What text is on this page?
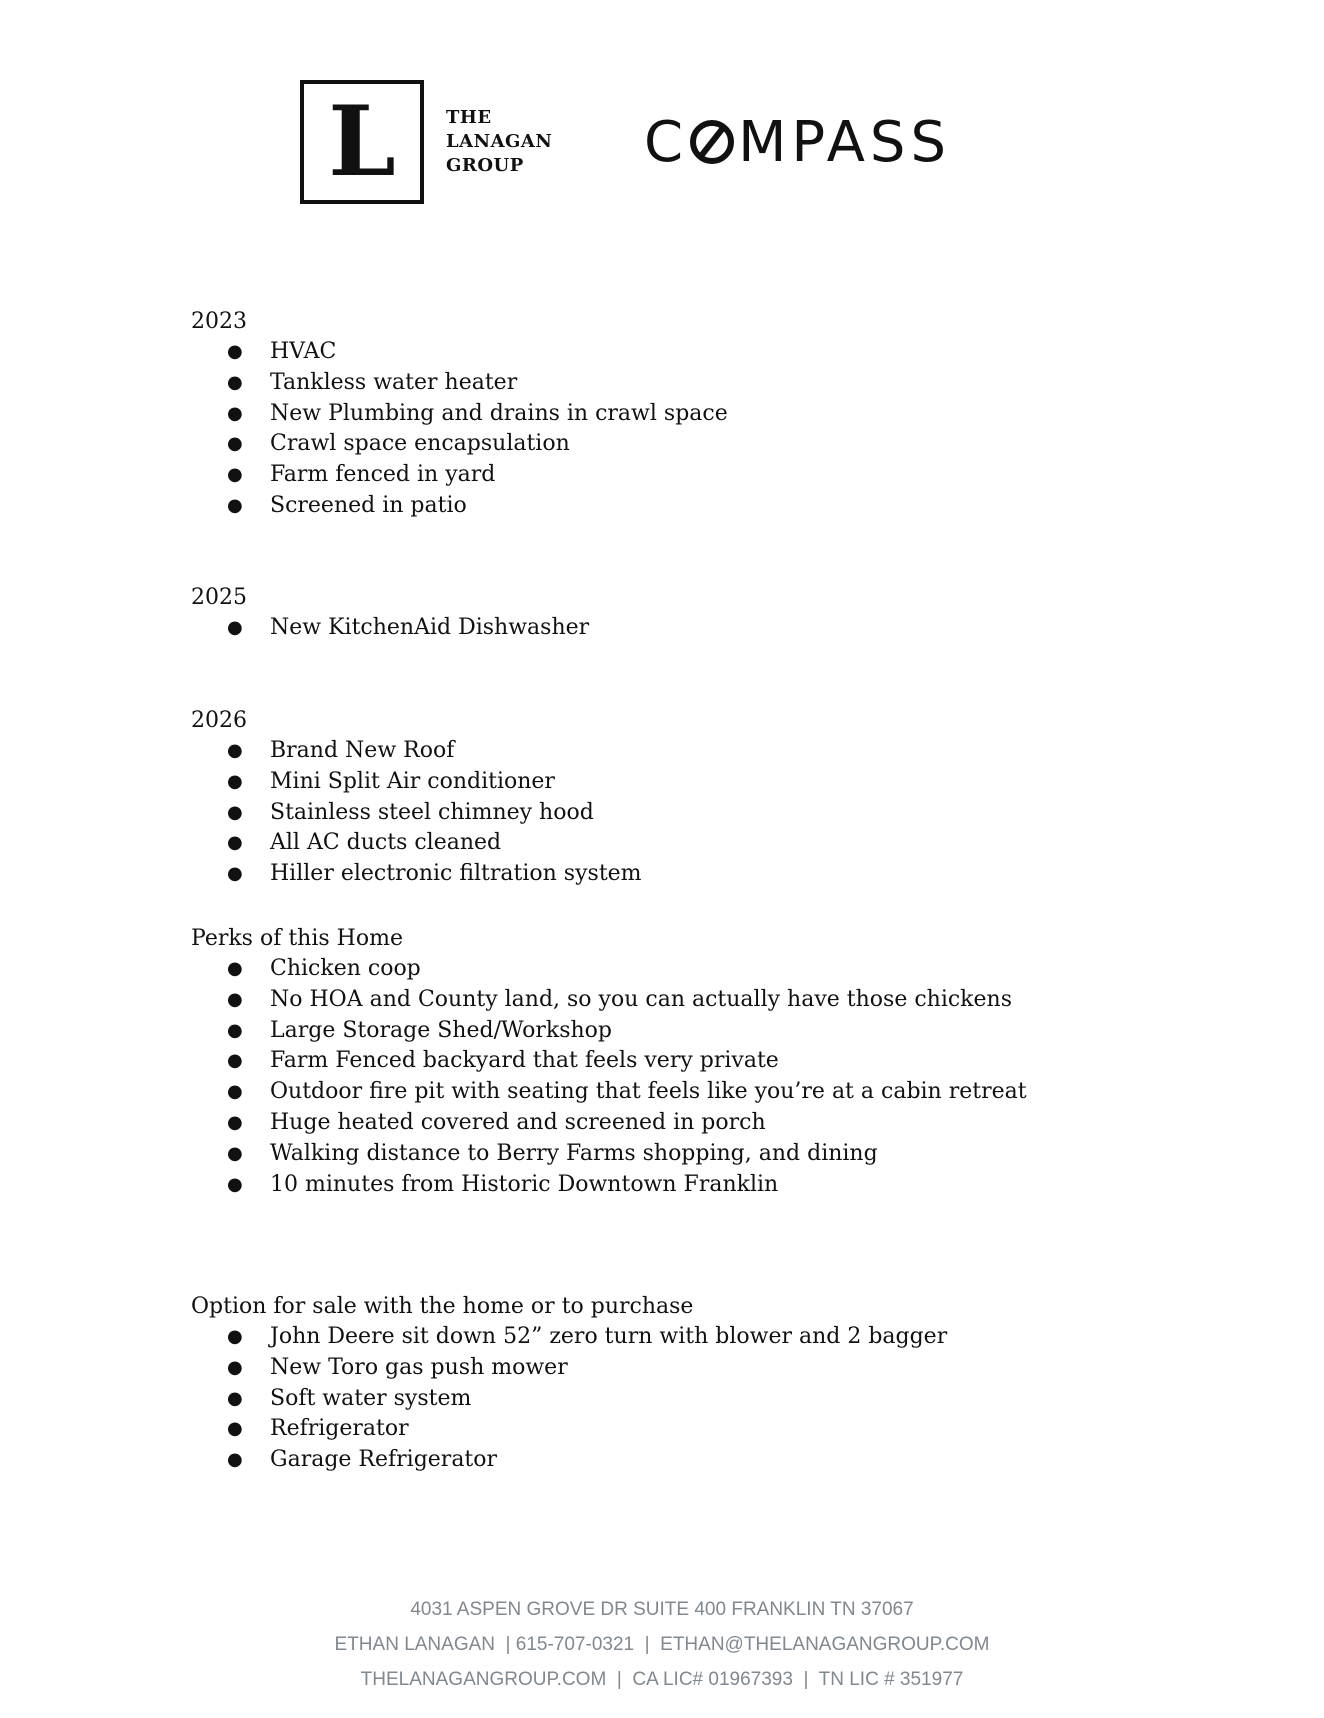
L	THE
LANAGAN
GROUP	C MPASS
2023
● HVAC
● Tankless water heater
● New Plumbing and drains in crawl space
● Crawl space encapsulation
● Farm fenced in yard
● Screened in patio
2025
● New KitchenAid Dishwasher
2026
● Brand New Roof
● Mini Split Air conditioner
● Stainless steel chimney hood
● All AC ducts cleaned
● Hiller electronic filtration system
Perks of this Home
● Chicken coop
● No HOA and County land, so you can actually have those chickens
● Large Storage Shed/Workshop
● Farm Fenced backyard that feels very private
● Outdoor fire pit with seating that feels like you’re at a cabin retreat
● Huge heated covered and screened in porch
● Walking distance to Berry Farms shopping, and dining
● 10 minutes from Historic Downtown Franklin
Option for sale with the home or to purchase
● John Deere sit down 52” zero turn with blower and 2 bagger
● New Toro gas push mower
● Soft water system
● Refrigerator
● Garage Refrigerator
4031 ASPEN GROVE DR SUITE 400 FRANKLIN TN 37067
ETHAN LANAGAN  | 615-707-0321  |  ETHAN@THELANAGANGROUP.COM
THELANAGANGROUP.COM  |  CA LIC# 01967393  |  TN LIC # 351977
